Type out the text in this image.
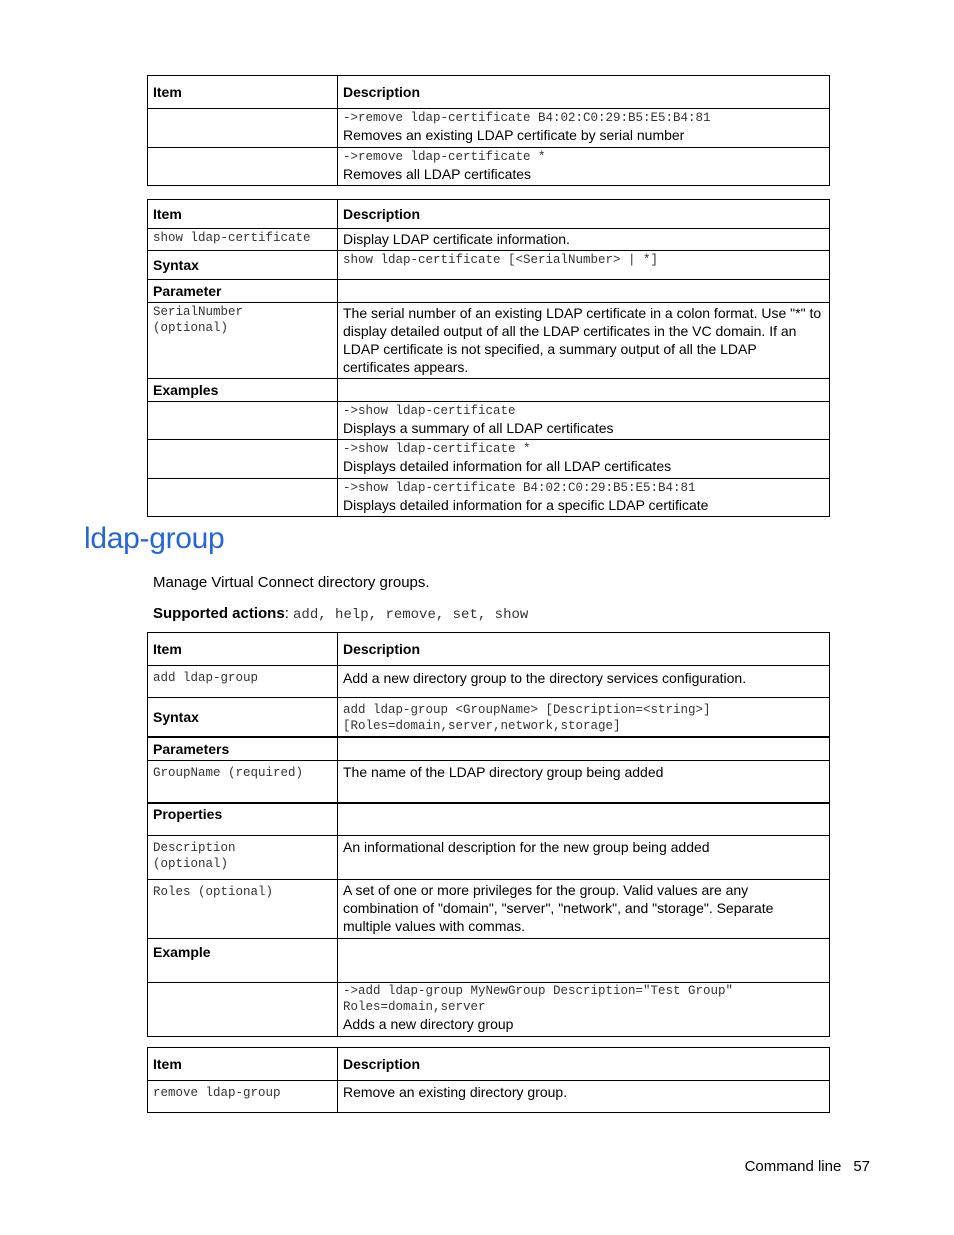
Item	Description

	->remove ldap-certificate B4:02:C0:29:B5:E5:B4:81
Removes an existing LDAP certificate by serial number

	->remove ldap-certificate *
Removes all LDAP certificates
Item	Description
show ldap-certificate	Display LDAP certificate information.
Syntax	show ldap-certificate [<SerialNumber> | *]
Parameter	

SerialNumber
(optional)	The serial number of an existing LDAP certificate in a colon format. Use "*" to display detailed output of all the LDAP certificates in the VC domain. If an LDAP certificate is not specified, a summary output of all the LDAP certificates appears.
Examples	

	->show ldap-certificate
Displays a summary of all LDAP certificates

	->show ldap-certificate *
Displays detailed information for all LDAP certificates

	->show ldap-certificate B4:02:C0:29:B5:E5:B4:81
Displays detailed information for a specific LDAP certificate
ldap-group

Manage Virtual Connect directory groups.

Supported actions: add, help, remove, set, show

Item	Description
add ldap-group	Add a new directory group to the directory services configuration.
Syntax	add ldap-group <GroupName> [Description=<string>]
[Roles=domain,server,network,storage]

Parameters	
GroupName (required)	The name of the LDAP directory group being added
Properties	

Description
(optional)	An informational description for the new group being added
Roles (optional)	A set of one or more privileges for the group. Valid values are any combination of "domain", "server", "network", and "storage". Separate multiple values with commas.
Example	

	->add ldap-group MyNewGroup Description="Test Group"
Roles=domain,server
Adds a new directory group
Item	Description
remove ldap-group	Remove an existing directory group.
Command line 57
